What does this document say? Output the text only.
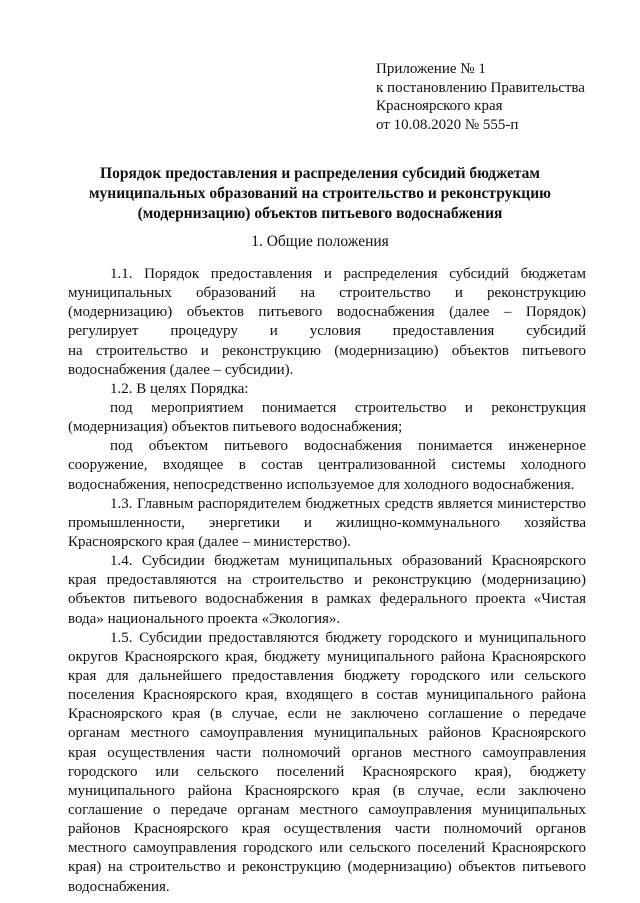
Приложение № 1
к постановлению Правительства
Красноярского края
от 10.08.2020 № 555-п
Порядок предоставления и распределения субсидий бюджетам
муниципальных образований на строительство и реконструкцию
(модернизацию) объектов питьевого водоснабжения
1. Общие положения
1.1. Порядок предоставления и распределения субсидий бюджетам
муниципальных образований на строительство и реконструкцию
(модернизацию) объектов питьевого водоснабжения (далее – Порядок)
регулирует процедуру и условия предоставления субсидий
на строительство и реконструкцию (модернизацию) объектов питьевого
водоснабжения (далее – субсидии).
1.2. В целях Порядка:
под мероприятием понимается строительство и реконструкция
(модернизация) объектов питьевого водоснабжения;
под объектом питьевого водоснабжения понимается инженерное
сооружение, входящее в состав централизованной системы холодного
водоснабжения, непосредственно используемое для холодного водоснабжения.
1.3. Главным распорядителем бюджетных средств является министерство
промышленности, энергетики и жилищно-коммунального хозяйства
Красноярского края (далее – министерство).
1.4. Субсидии бюджетам муниципальных образований Красноярского
края предоставляются на строительство и реконструкцию (модернизацию)
объектов питьевого водоснабжения в рамках федерального проекта «Чистая
вода» национального проекта «Экология».
1.5. Субсидии предоставляются бюджету городского и муниципального
округов Красноярского края, бюджету муниципального района Красноярского
края для дальнейшего предоставления бюджету городского или сельского
поселения Красноярского края, входящего в состав муниципального района
Красноярского края (в случае, если не заключено соглашение о передаче
органам местного самоуправления муниципальных районов Красноярского
края осуществления части полномочий органов местного самоуправления
городского или сельского поселений Красноярского края), бюджету
муниципального района Красноярского края (в случае, если заключено
соглашение о передаче органам местного самоуправления муниципальных
районов Красноярского края осуществления части полномочий органов
местного самоуправления городского или сельского поселений Красноярского
края) на строительство и реконструкцию (модернизацию) объектов питьевого
водоснабжения.
